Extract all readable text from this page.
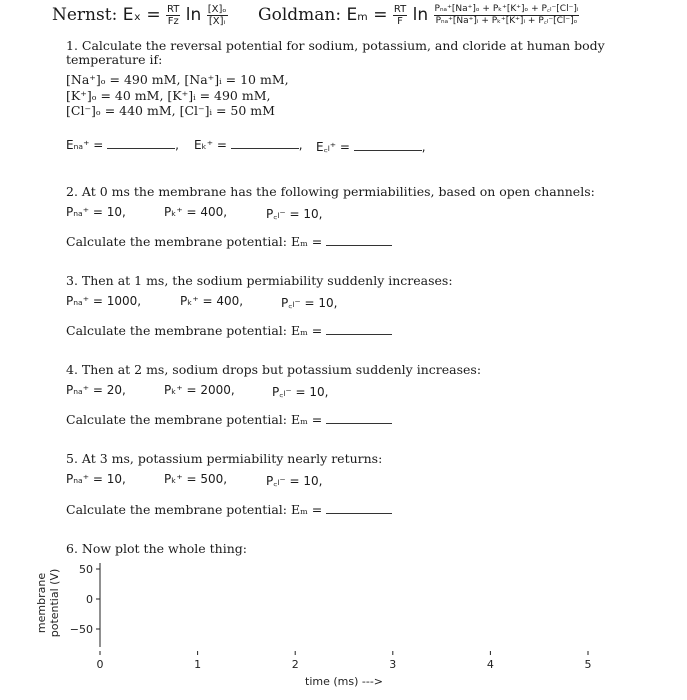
Nernst: $E_x = \frac{RT}{Fz}$ $\ln \frac{\text{[X]ₒ}}{\text{[X]ᵢ}}$ Goldman: $E_m = \frac{RT}{F}$ $\ln \frac{\text{Pₙₐ⁺[Na⁺]ₒ + Pₖ⁺[K⁺]ₒ + P꜀ₗ⁻[Cl⁻]ᵢ}}{\text{Pₙₐ⁺[Na⁺]ᵢ + Pₖ⁺[K⁺]ᵢ + P꜀ₗ⁻[Cl⁻]ₒ}}$
1. Calculate the reversal potential for sodium, potassium, and cloride at human body
temperature if:
[Na⁺]ₒ = 490 mM, [Na⁺]ᵢ = 10 mM,
[K⁺]ₒ = 40 mM, [K⁺]ᵢ = 490 mM,
[Cl⁻]ₒ = 440 mM, [Cl⁻]ᵢ = 50 mM
Eₙₐ⁺ =	, Eₖ⁺ =	, E꜀ₗ⁺ =	,
2. At 0 ms the membrane has the following permiabilities, based on open channels:
Pₙₐ⁺ = 10,	Pₖ⁺ = 400,	P꜀ₗ⁻ = 10,
Calculate the membrane potential: Eₘ =
3. Then at 1 ms, the sodium permiability suddenly increases:
Pₙₐ⁺ = 1000,	Pₖ⁺ = 400,	P꜀ₗ⁻ = 10,
Calculate the membrane potential: Eₘ =
4. Then at 2 ms, sodium drops but potassium suddenly increases:
Pₙₐ⁺ = 20,	Pₖ⁺ = 2000,	P꜀ₗ⁻ = 10,
Calculate the membrane potential: Eₘ =
5. At 3 ms, potassium permiability nearly returns:
Pₙₐ⁺ = 10,	Pₖ⁺ = 500,	P꜀ₗ⁻ = 10,
Calculate the membrane potential: Eₘ =
6. Now plot the whole thing:
50
0
−50
0	1	2	3	4	5
membrane potential (V)
time (ms) --->
